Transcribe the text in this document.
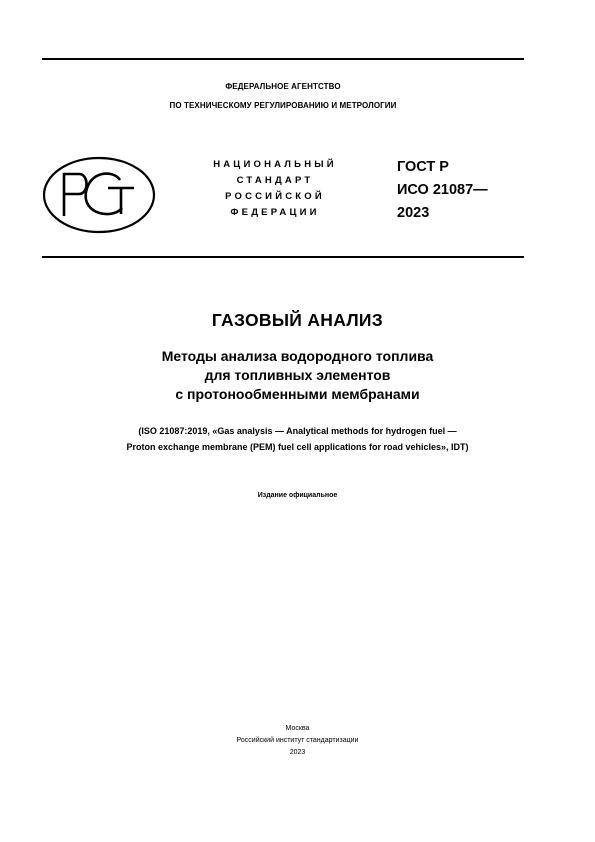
ФЕДЕРАЛЬНОЕ АГЕНТСТВО
ПО ТЕХНИЧЕСКОМУ РЕГУЛИРОВАНИЮ И МЕТРОЛОГИИ
НАЦИОНАЛЬНЫЙ
СТАНДАРТ
РОССИЙСКОЙ
ФЕДЕРАЦИИ
ГОСТ Р
ИСО 21087—
2023
ГАЗОВЫЙ АНАЛИЗ
Методы анализа водородного топлива
для топливных элементов
с протонообменными мембранами
(ISO 21087:2019, «Gas analysis — Analytical methods for hydrogen fuel —
Proton exchange membrane (PEM) fuel cell applications for road vehicles», IDT)
Издание официальное
Москва
Российский институт стандартизации
2023
